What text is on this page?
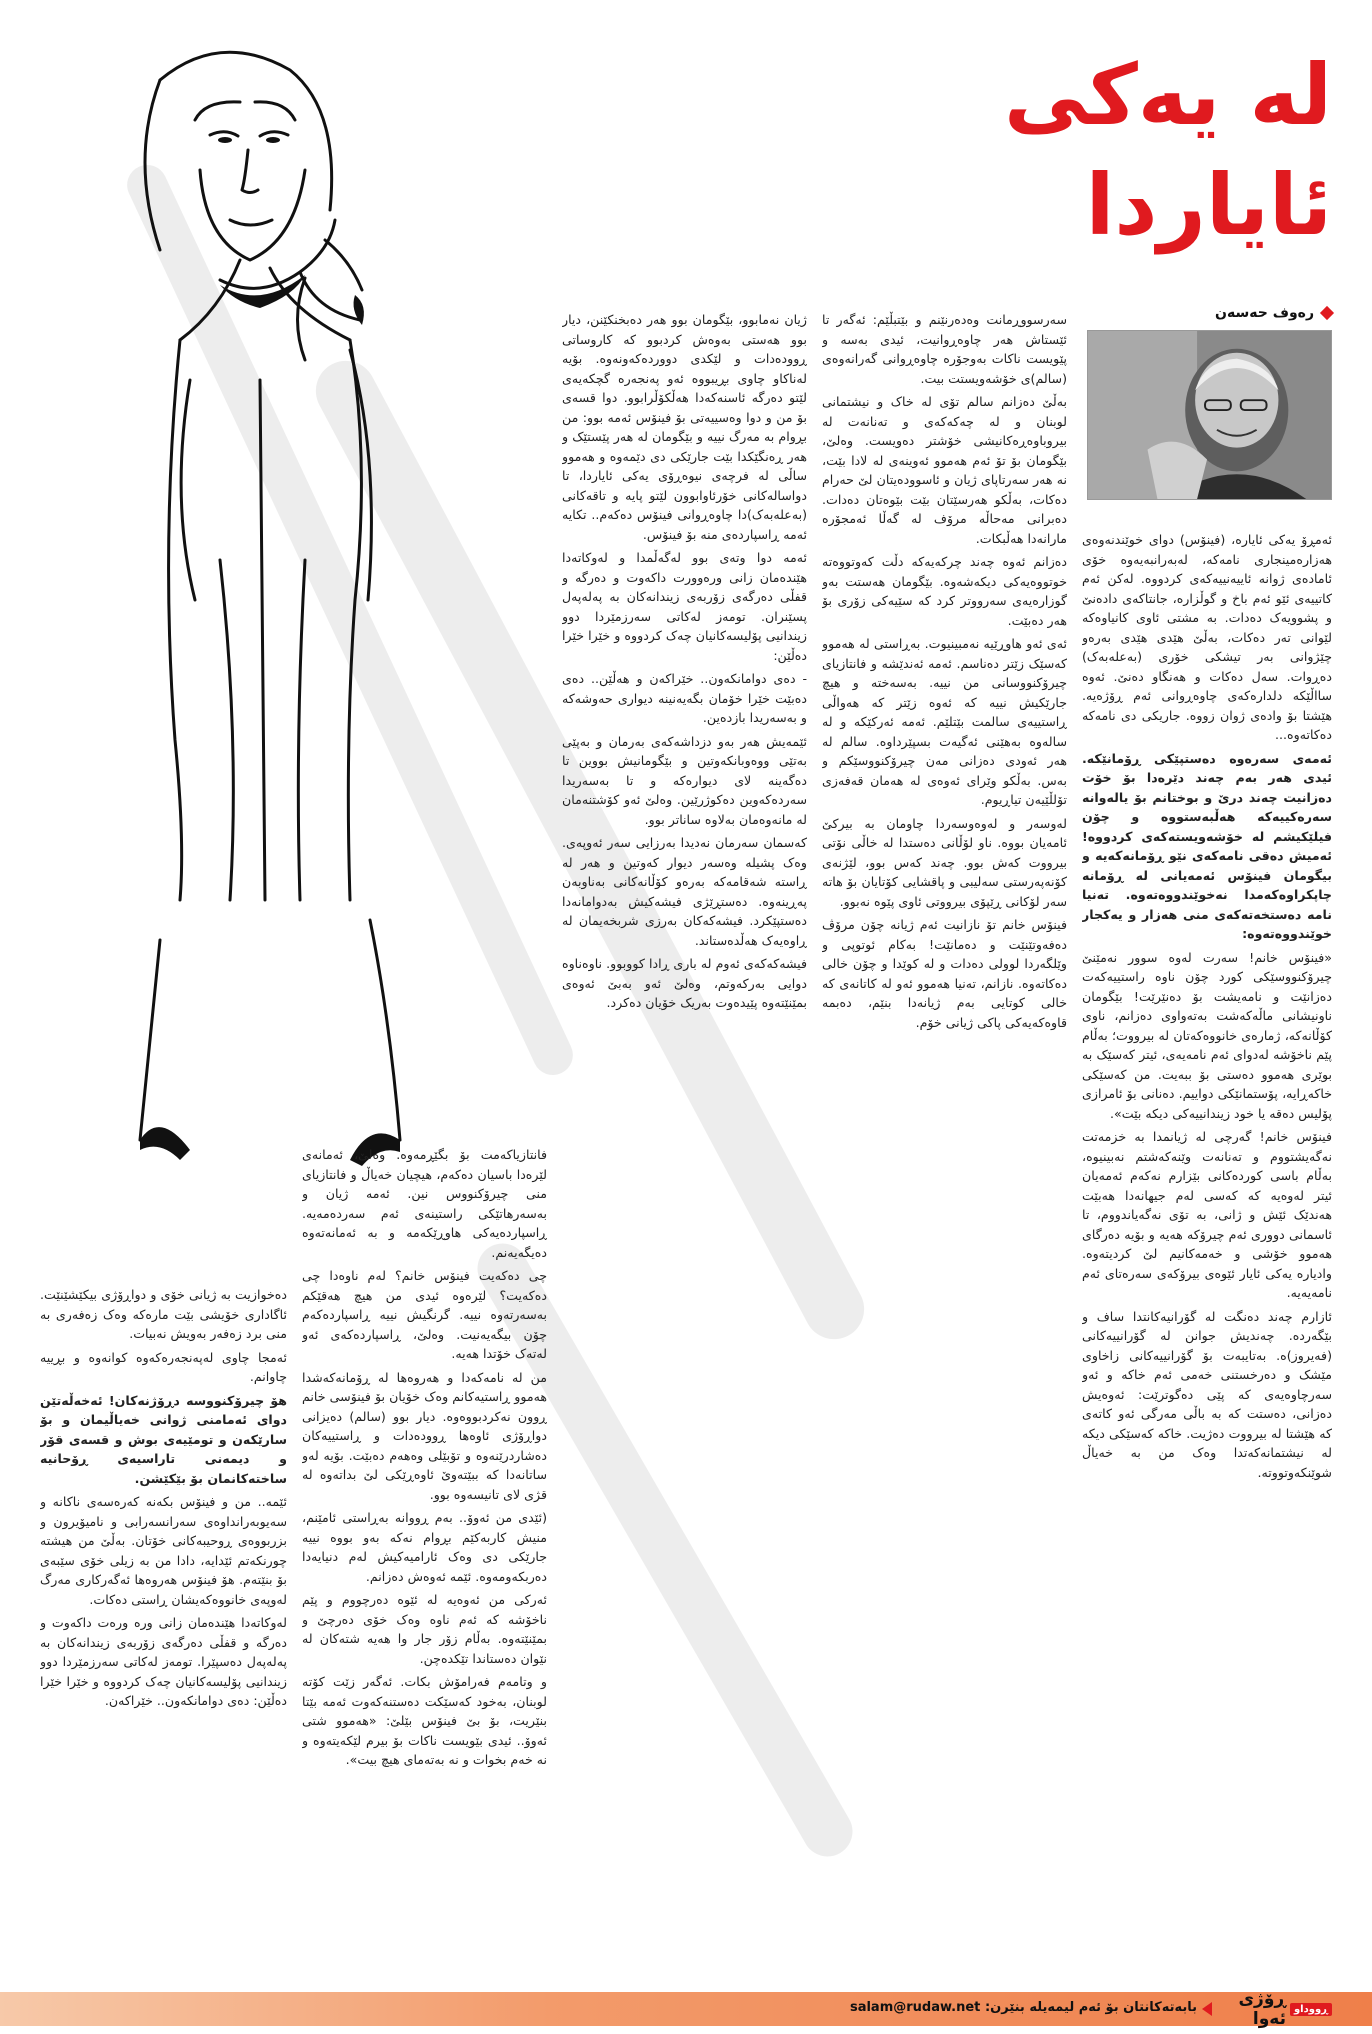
لە یەکی ئایاردا
رەوف حەسەن

ئەمڕۆ یەکی ئایارە، (فینۆس) دوای خوێندنەوەی هەزارەمینجاری نامەکە، لەبەرانبەیەوە خۆی ئامادەی ژوانە ئاییەنییەکەی کردووە. لەکن ئەم کاتییەی ئێو ئەم باخ و گوڵزارە، جانتاکەی دادەنێ و پشوویەک دەدات. بە مشتی ئاوی کانیاوەکە لێوانی تەر دەکات، بەڵێ هێدی هێدی بەرەو چێژوانی بەر تیشکی خۆری (بەعلەبەک) دەڕوات. سەل دەکات و هەنگاو دەنێ. ئەوە سااڵێکە دلدارەکەی چاوەڕوانی ئەم ڕۆژەیە. هێشتا بۆ وادەی ژوان زووە. جاریکی دی نامەکە دەکاتەوە...

ئەمەی سەرەوە دەستپێکی ڕۆمانێکە. ئیدی هەر بەم چەند دێرەدا بۆ خۆت دەزانیت چەند درێ و بوختانم بۆ یالەوانە سەرەکییەکە هەڵبەستووە و چۆن فیلێکیشم لە خۆشەویستەکەی کردووە! ئەمیش دەقی نامەکەی نێو ڕۆمانەکەیە و بیگومان فینۆس ئەمەیانی لە ڕۆمانە چاپکراوەکەمدا نەخوێندووەتەوە. تەنیا نامە دەستخەتەکەی منی هەزار و یەکجار خوێندووەتەوە:

«فینۆس خانم! سەرت لەوە سوور نەمێنێ چیرۆکنووسێکی کورد چۆن ناوە راستییەکەت دەزانێت و نامەیشت بۆ دەنێرێت! بێگومان ناونیشانی ماڵەکەشت بەتەواوی دەزانم، ناوی کۆڵانەکە، ژمارەی خانووەکەتان لە بیرووت؛ بەڵام پێم ناخۆشە لەدوای ئەم نامەیەی، ئیتر کەسێک بە بوێری هەموو دەستی بۆ ببەیت. من کەسێکی خاکەڕایە، پۆستمانێکی دواییم. دەنانی بۆ ئامرازی پۆلیس دەقە یا خود زیندانییەکی دیکە بێت».

فینۆس خانم! گەرچی لە ژیانمدا بە خزمەتت نەگەیشتووم و تەنانەت وێنەکەشتم نەبینیوە، بەڵام باسی کوردەکانی بێزارم نەکەم ئەمەیان ئیتر لەوەیە کە کەسی لەم جیهانەدا هەبێت هەندێک ئێش و ژانی، بە تۆی نەگەیاندووم، تا ئاسمانی دووری ئەم چیرۆکە هەیە و بۆیە دەرگای هەموو خۆشی و خەمەکانیم لێ کردیتەوە. وادیارە یەکی ئایار ئێوەی بیرۆکەی سەرەتای ئەم نامەیەیە.

ئازارم چەند دەنگت لە گۆرانیەکانتدا ساف و بێگەردە. چەندیش جوانن لە گۆرانییەکانی (فەیروز)ە. بەتایبەت بۆ گۆرانییەکانی زاخاوی مێشک و دەرخستنی خەمی ئەم خاکە و ئەو سەرچاوەیەی کە پێی دەگوترێت: ئەوەیش دەزانی، دەستت کە بە باڵی مەرگی ئەو کاتەی کە هێشتا لە بیرووت دەژیت. خاکە کەسێکی دیکە لە نیشتمانەکەتدا وەک من بە خەیاڵ شوێنکەوتووتە.

سەرسووڕمانت وەدەرنێنم و بێتبڵێم: ئەگەر تا ئێستاش هەر چاوەڕوانیت، ئیدی بەسە و پێویست ناکات بەوجۆرە چاوەڕوانی گەرانەوەی (سالم)ی خۆشەویستت بیت.

بەڵێ دەزانم سالم تۆی لە خاک و نیشتمانی لوبنان و لە چەکەکەی و تەنانەت لە بیروباوەڕەکانیشی خۆشتر دەویست. وەلێ، بێگومان بۆ تۆ ئەم هەموو ئەوینەی لە لادا بێت، نە هەر سەرتاپای ژیان و ئاسوودەیتان لێ حەرام دەکات، بەڵکو هەرسێتان بێت بێوەتان دەدات. دەبرانی مەحاڵە مرۆف لە گەڵا ئەمجۆرە مارانەدا هەڵبکات.

دەزانم ئەوە چەند چرکەیەکە دڵت کەوتووەتە خوتووەیەکی دیکەشەوە. بێگومان هەستت بەو گوزارەیەی سەرووتر کرد کە سێیەکی زۆری بۆ هەر دەبێت.

ئەی ئەو هاوڕێیە نەمبینیوت. بەڕاستی لە هەموو کەسێک زێتر دەناسم. ئەمە ئەندێشە و فانتازیای چیرۆکنووسانی من نییە. بەسەختە و هیچ جارێکیش نییە کە ئەوە زێتر کە هەواڵی ڕاستییەی سالمت بێتلێم. ئەمە ئەرکێکە و لە سالەوە بەهێنی ئەگیەت بسپێرداوە. سالم لە هەر ئەودی دەزانی مەن چیرۆکنووسێکم و بەس. بەڵکو وێرای ئەوەی لە هەمان قەفەزی تۆلڵێیەن تیاڕیوم.

لەوسەر و لەوەوسەردا چاومان بە بیرکێ ئامەیان بووە. ناو لۆڵانی دەستدا لە خاڵی نۆتی بیرووت کەش بوو. چەند کەس بوو، لێژنەی کۆنەپەرستی سەلیبی و پاقشایی کۆتایان بۆ هاتە سەر لۆکانی ڕێپۆی بیرووتی ئاوی پێوە نەبوو.

فینۆس خانم تۆ نازانیت ئەم ژیانە چۆن مرۆڤ دەفەوتێنێت و دەمانێت! بەکام ئوتوپی و وێلگەردا لوولی دەدات و لە کوێدا و چۆن خالی دەکاتەوە. نازانم، تەنیا هەموو ئەو لە کاتانەی کە خالی کوتایی بەم ژیانەدا بنێم، دەبمە قاوەکەیەکی پاکی ژیانی خۆم.

ژیان نەمابوو، بێگومان بوو هەر دەبخنکێنن، دیار بوو هەستی بەوەش کردبوو کە کاروساتی ڕوودەدات و لێکدی دووردەکەونەوە. بۆیە لەناکاو چاوی بڕیبووە ئەو پەنجەرە گچکەیەی لێتو دەرگە ئاسنەکەدا هەڵکۆڵرابوو. دوا قسەی بۆ من و دوا وەسییەتی بۆ فینۆس ئەمە بوو: من بڕوام بە مەرگ نییە و بێگومان لە هەر پێستێک و هەر ڕەنگێکدا بێت جارێکی دی دێمەوە و هەموو ساڵی لە فرچەی نیوەڕۆی یەکی ئایاردا، تا دواسالەکانی خۆرئاوابوون لێتو پایە و تاقەکانی (بەعلەبەک)دا چاوەڕوانی فینۆس دەکەم.. تکایە ئەمە ڕاسپاردەی منە بۆ فینۆس.

ئەمە دوا وتەی بوو لەگەڵمدا و لەوکاتەدا هێندەمان زانی ورەوورت داکەوت و دەرگە و قفڵی دەرگەی زۆربەی زیندانەکان بە پەلەپەل پسێنران. تومەز لەکاتی سەرزمێردا دوو زیندانیی پۆلیسەکانیان چەک کردووە و خێرا خێرا دەڵێن:

- دەی دوامانکەون.. خێراکەن و هەڵێن.. دەی دەبێت خێرا خۆمان بگەیەنینە دیواری حەوشەکە و بەسەریدا بازدەین.

ئێمەیش هەر بەو دزداشەکەی بەرمان و بەپێی بەتێی ووەوبانکەوتین و بێگومانیش بووین تا دەگەینە لای دیوارەکە و تا بەسەریدا سەردەکەوین دەکوژرێین. وەلێ ئەو کۆشتنەمان لە مانەوەمان بەلاوە ساناتر بوو.

کەسمان سەرمان نەدیدا بەرزایی سەر ئەوپەی. وەک پشیلە وەسەر دیوار کەوتین و هەر لە ڕاستە شەقامەکە بەرەو کۆڵانەکانی بەناوبەن پەڕینەوە. دەستڕێژی فیشەکیش بەدوامانەدا دەستپێکرد. فیشەکەکان بەرزی شربخەیمان لە ڕاوەیەک هەڵدەستاند.

فیشەکەکەی ئەوم لە باری ڕادا کووبوو. ناوەناوە دوایی بەرکەوتم، وەلێ ئەو بەبێ ئەوەی بمێنێتەوە پێیدەوت بەریک خۆیان دەکرد.

فانتازیاکەمت بۆ بگێڕمەوە. وەلێ، ئەمانەی لێرەدا باسیان دەکەم، هیچیان خەیاڵ و فانتازیای منی چیرۆکنووس نین. ئەمە ژیان و بەسەرهاتێکی راستینەی ئەم سەردەمەیە. ڕاسپاردەیەکی هاوڕێکەمە و بە ئەمانەتەوە دەیگەیەنم.

چی دەکەیت فینۆس خانم؟ لەم ناوەدا چی دەکەیت؟ لێرەوە ئیدی من هیچ هەقێکم بەسەرتەوە نییە. گرنگیش نییە ڕاسپاردەکەم چۆن بیگەیەنیت. وەلێ، ڕاسپاردەکەی ئەو لەتەک خۆتدا هەیە.

من لە نامەکەدا و هەروەها لە ڕۆمانەکەشدا هەموو ڕاستیەکانم وەک خۆیان بۆ فینۆسی خانم ڕوون نەکردبووەوە. دیار بوو (سالم) دەیزانی دواڕۆژی ئاوەها ڕوودەدات و ڕاستییەکان دەشاردرێنەوە و تۆبێلی وەهەم دەبێت. بۆیە لەو ساتانەدا کە ببێتەوێ ئاوەڕێکی لێ بداتەوە لە قژی لای تانیسەوە بوو.

(ئێدی من ئەوۆ.. بەم ڕووانە بەڕاستی ئامێنم، منیش کاربەکێم بڕوام نەکە بەو بووە نییە جارێکی دی وەک ئارامیەکیش لەم دنیایەدا دەربکەومەوە. ئێمە ئەوەش دەزانم.

ئەرکی من ئەوەیە لە ئێوە دەرچووم و پێم ناخۆشە کە ئەم ناوە وەک خۆی دەرچێ و بمێنێتەوە. بەڵام زۆر جار وا هەیە شتەکان لە نێوان دەستاندا تێکدەچن.

و وتامەم فەرامۆش بکات. ئەگەر زێت کۆتە لوبنان، بەخود کەسێکت دەستنەکەوت ئەمە بێتا بنێریت، بۆ بێ فینۆس بێلێ: «هەموو شتی ئەوۆ.. ئیدی بێویست ناکات بۆ بیرم لێکەیتەوە و نە خەم بخوات و نە بەتەمای هیچ بیت».

دەخوازیت بە ژیانی خۆی و دواڕۆژی بیکێشێنێت. ئاگاداری خۆیشی بێت مارەکە وەک زەفەری بە منی برد زەفەر بەویش نەبیات.

ئەمجا چاوی لەپەنجەرەکەوە کوانەوە و بڕییە چاوانم.

هۆ چیرۆکنووسە دڕۆژنەکان! ئەخەڵەتێن دوای ئەمامنی ژوانی خەیاڵیمان و بۆ سارێکەن و تومێیەی بوش و قسەی قۆر و دیمەنی تاراسیەی ڕۆحانیە ساختەکانمان بۆ بێکێشن.

ئێمە.. من و فینۆس بکەنە کەرەسەی ناکانە و سەیوبەرانداوەی سەرانسەرابی و نامیۆیرون و بزربووەی ڕوحیبەکانی خۆتان. بەڵێ من هیشتە چورنکەتم ئێدایە، دادا من بە زیلی خۆی سێبەی بۆ بنێتەم. هۆ فینۆس هەروەها ئەگەرکاری مەرگ لەوپەی خانووەکەیشان ڕاستی دەکات.

لەوکاتەدا هێندەمان زانی ورە ورەت داکەوت و دەرگە و قفڵی دەرگەی زۆربەی زیندانەکان بە پەلەپەل دەسپێرا. تومەز لەکاتی سەرزمێردا دوو زیندانیی پۆلیسەکانیان چەک کردووە و خێرا خێرا دەڵێن: دەی دوامانکەون.. خێراکەن.

ڕووداو
ڕۆژی ئەوا
بابەتەکانتان بۆ ئەم لیمەیلە بنێرن: salam@rudaw.net
